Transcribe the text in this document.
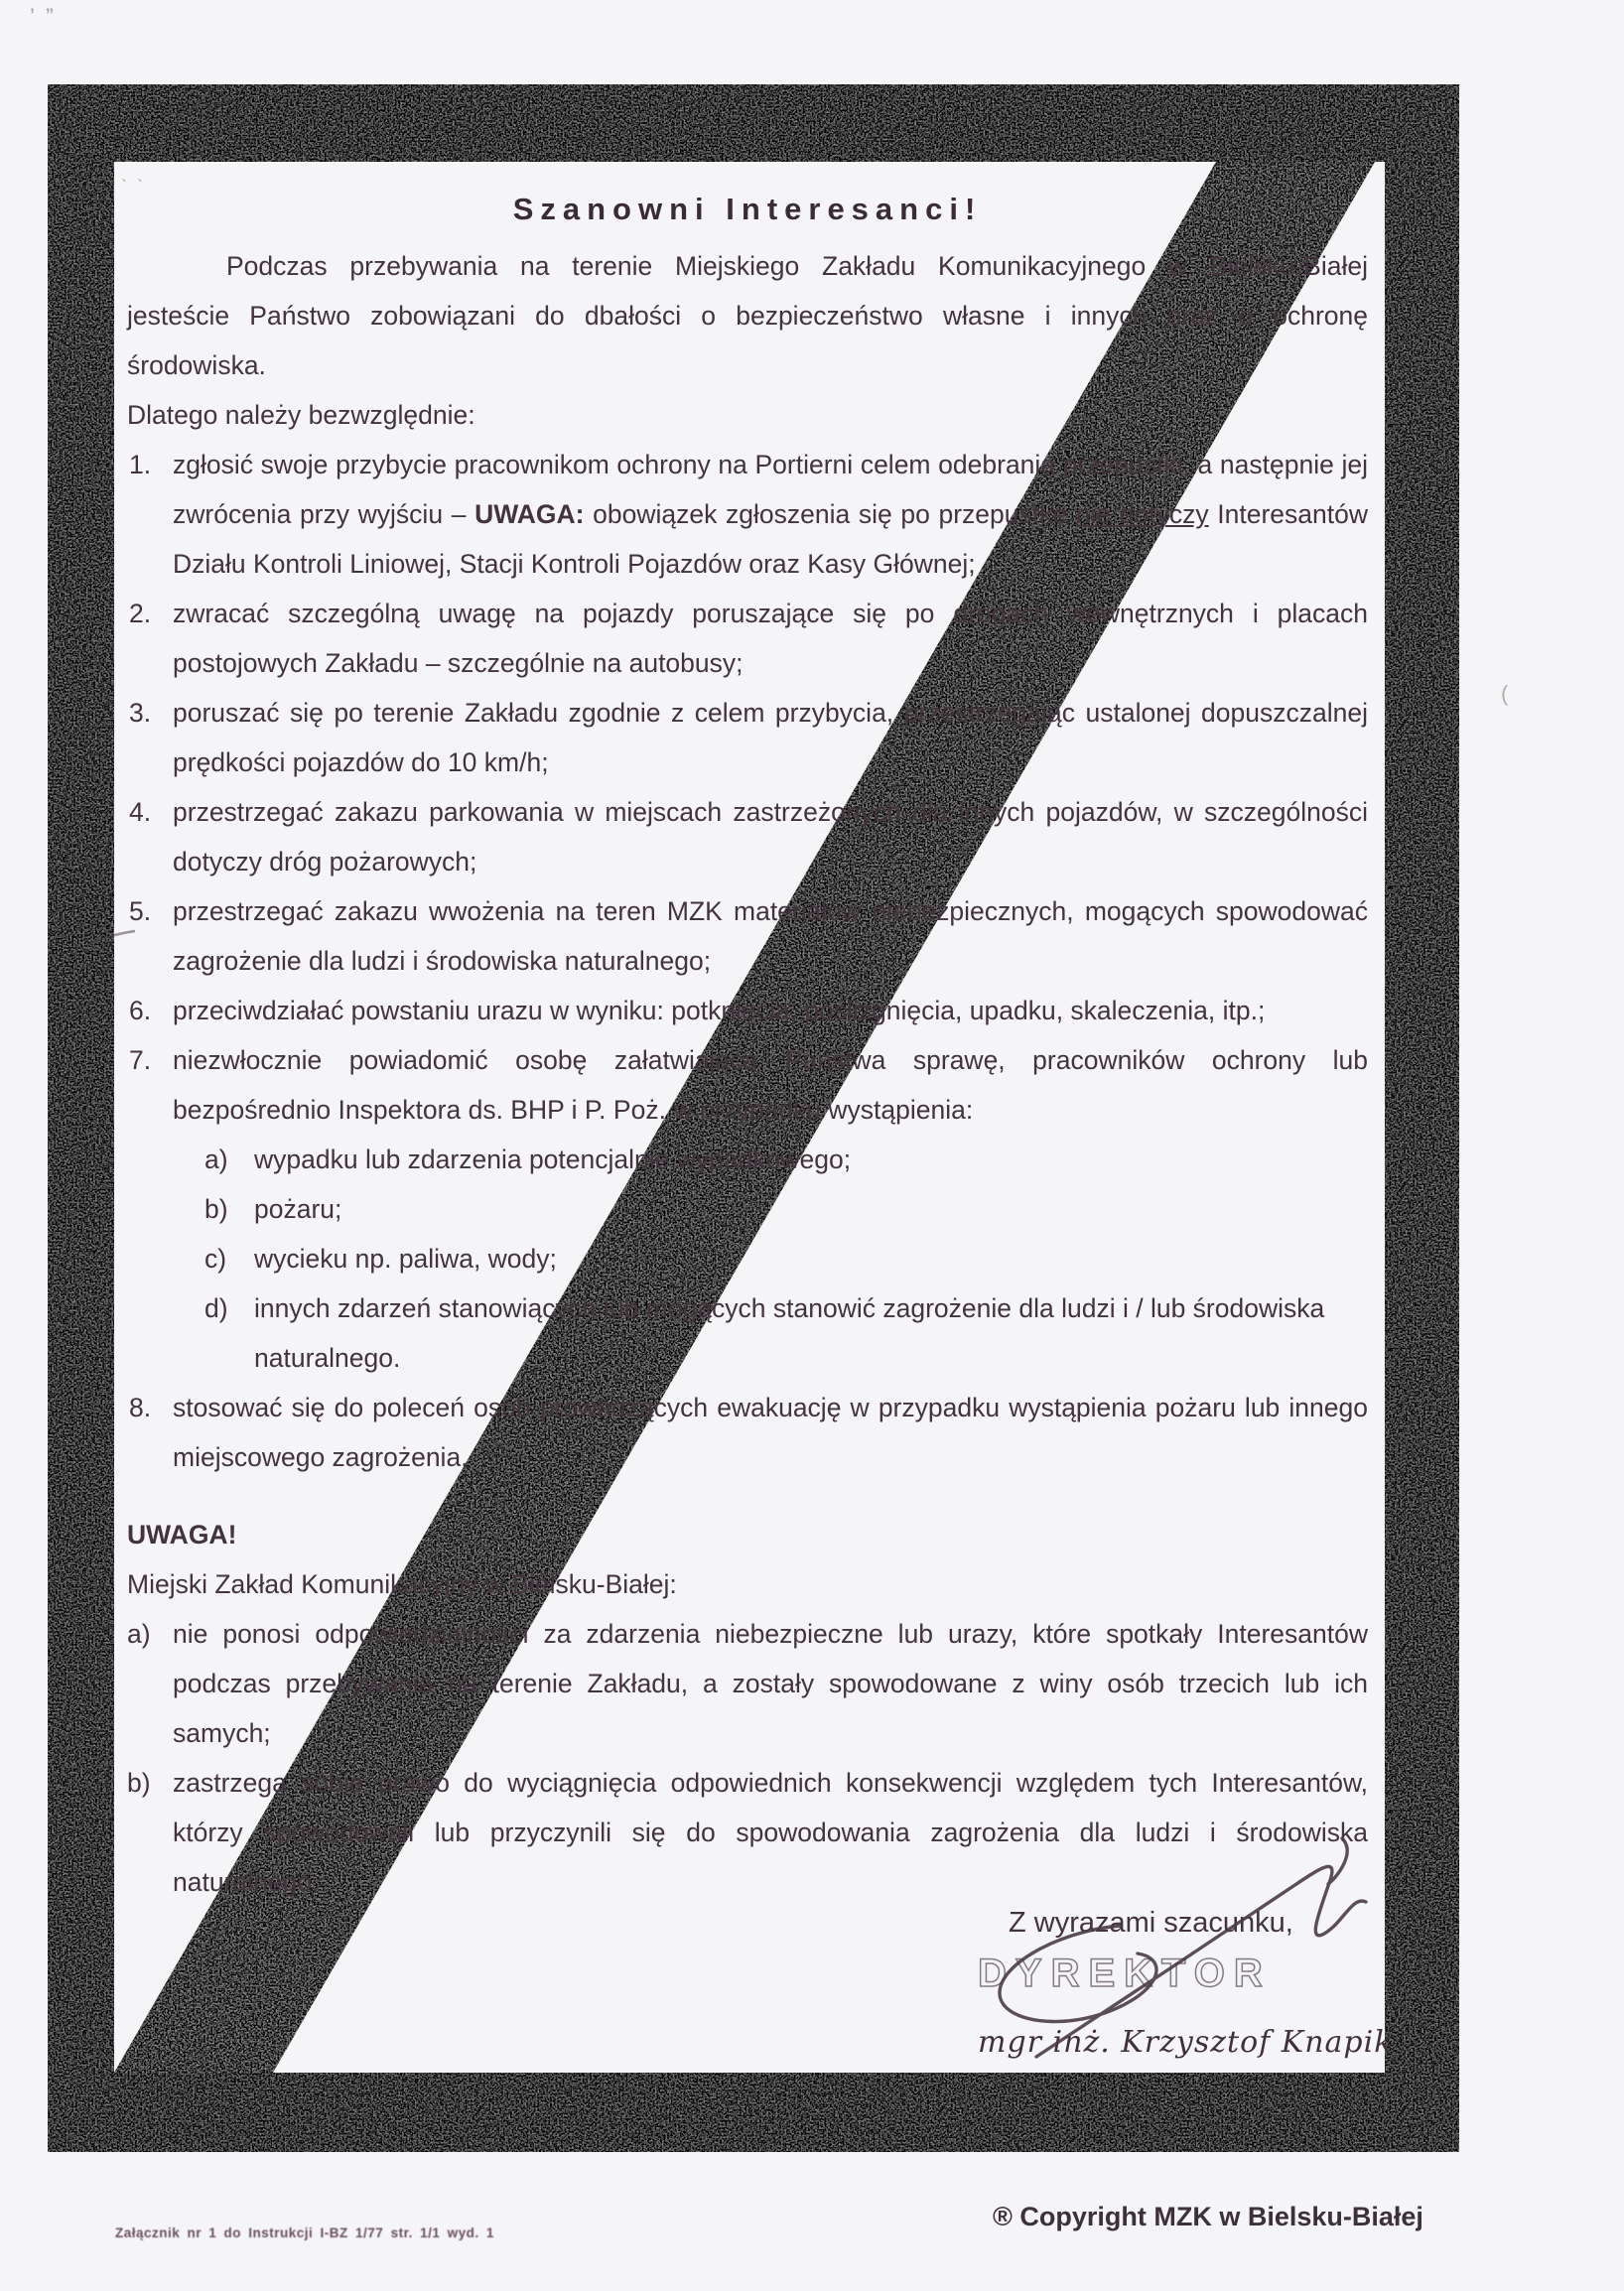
’  ”
ˋ  ˋ
(
Szanowni Interesanci!

Podczas przebywania na terenie Miejskiego Zakładu Komunikacyjnego w Bielsku-Białej jesteście Państwo zobowiązani do dbałości o bezpieczeństwo własne i innych oraz o ochronę środowiska.

Dlatego należy bezwzględnie:

1. zgłosić swoje przybycie pracownikom ochrony na Portierni celem odebrania przepustki, a następnie jej zwrócenia przy wyjściu – UWAGA: obowiązek zgłoszenia się po przepustkę nie dotyczy Interesantów Działu Kontroli Liniowej, Stacji Kontroli Pojazdów oraz Kasy Głównej;
2. zwracać szczególną uwagę na pojazdy poruszające się po drogach wewnętrznych i placach postojowych Zakładu – szczególnie na autobusy;
3. poruszać się po terenie Zakładu zgodnie z celem przybycia, przestrzegając ustalonej dopuszczalnej prędkości pojazdów do 10 km/h;
4. przestrzegać zakazu parkowania w miejscach zastrzeżonych dla innych pojazdów, w szczególności dotyczy dróg pożarowych;
5. przestrzegać zakazu wwożenia na teren MZK materiałów niebezpiecznych, mogących spowodować zagrożenie dla ludzi i środowiska naturalnego;
6. przeciwdziałać powstaniu urazu w wyniku: potknięcia, poślizgnięcia, upadku, skaleczenia, itp.;
7. niezwłocznie powiadomić osobę załatwiającą Państwa sprawę, pracowników ochrony lub bezpośrednio Inspektora ds. BHP i P. Poż. w przypadku wystąpienia:
a) wypadku lub zdarzenia potencjalnie wypadkowego;
b) pożaru;
c) wycieku np. paliwa, wody;
d) innych zdarzeń stanowiących lub mogących stanowić zagrożenie dla ludzi i / lub środowiska naturalnego.
8. stosować się do poleceń osób prowadzących ewakuację w przypadku wystąpienia pożaru lub innego miejscowego zagrożenia.

UWAGA!

Miejski Zakład Komunikacyjny w Bielsku-Białej:

a) nie ponosi odpowiedzialności za zdarzenia niebezpieczne lub urazy, które spotkały Interesantów podczas przebywania na terenie Zakładu, a zostały spowodowane z winy osób trzecich lub ich samych;
b) zastrzega sobie prawo do wyciągnięcia odpowiednich konsekwencji względem tych Interesantów, którzy spowodowali lub przyczynili się do spowodowania zagrożenia dla ludzi i środowiska naturalnego.
Z wyrazami szacunku,
DYREKTOR
mgr inż. Krzysztof Knapik
Załącznik nr 1 do Instrukcji I-BZ 1/77 str. 1/1 wyd. 1
® Copyright MZK w Bielsku-Białej
